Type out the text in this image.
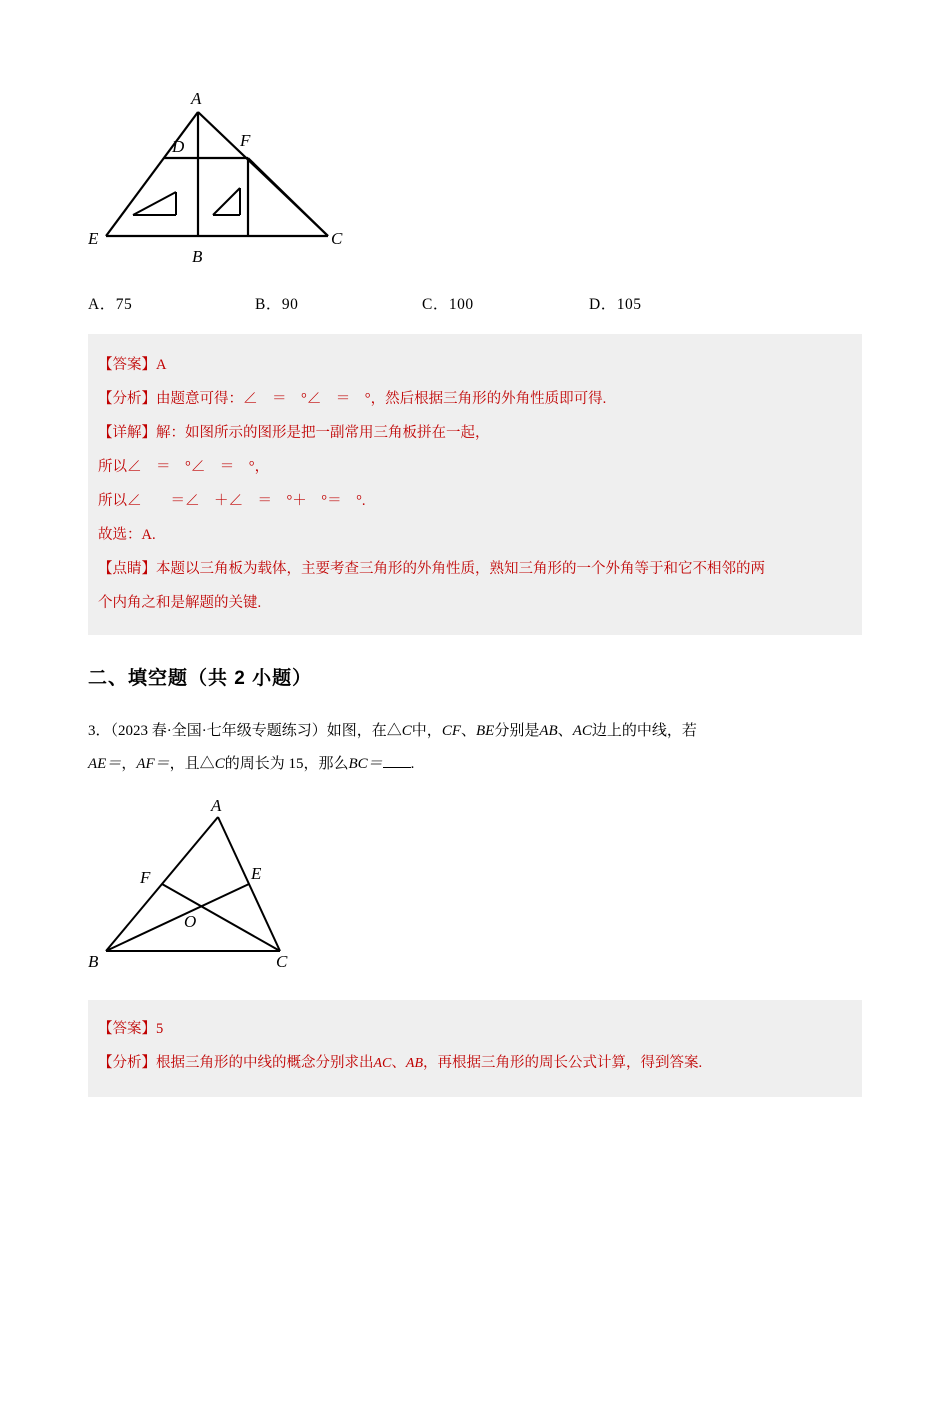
A
F
D
E
B
C
A．75	B．90	C．100	D．105
【答案】A
【分析】由题意可得：∠　＝　°∠　＝　°，然后根据三角形的外角性质即可得.
【详解】解：如图所示的图形是把一副常用三角板拼在一起，
所以∠　＝　°∠　＝　°，
所以∠　　＝∠　＋∠　＝　°＋　°＝　°.
故选：A.
【点睛】本题以三角板为载体，主要考查三角形的外角性质，熟知三角形的一个外角等于和它不相邻的两
个内角之和是解题的关键.
二、填空题（共 2 小题）
3．（2023 春·全国·七年级专题练习）如图，在△C中，CF、BE分别是AB、AC边上的中线，若
AE＝，AF＝，且△C的周长为 15，那么BC＝ .
A
F	E
O
B	C
【答案】5
【分析】根据三角形的中线的概念分别求出AC、AB，再根据三角形的周长公式计算，得到答案.
